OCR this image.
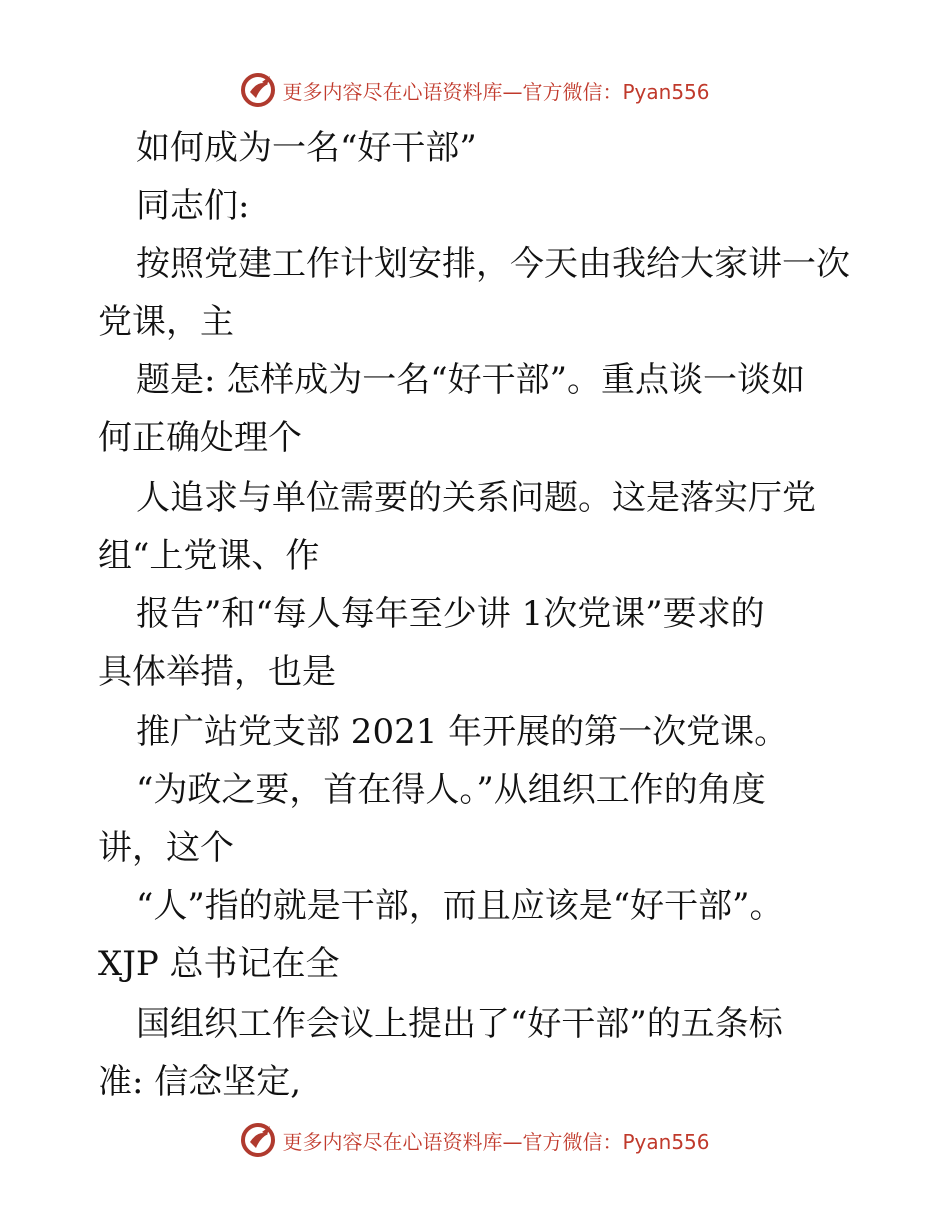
更多内容尽在心语资料库—官方微信：Pyan556
如何成为一名“好干部”
同志们:
按照党建工作计划安排，今天由我给大家讲一次
党课，主
题是: 怎样成为一名“好干部”。重点谈一谈如
何正确处理个
人追求与单位需要的关系问题。这是落实厅党
组“上党课、作
报告”和“每人每年至少讲 1次党课”要求的
具体举措，也是
推广站党支部 2021 年开展的第一次党课。
“为政之要，首在得人。”从组织工作的角度
讲，这个
“人”指的就是干部，而且应该是“好干部”。
XJP 总书记在全
国组织工作会议上提出了“好干部”的五条标
准: 信念坚定,
更多内容尽在心语资料库—官方微信：Pyan556
